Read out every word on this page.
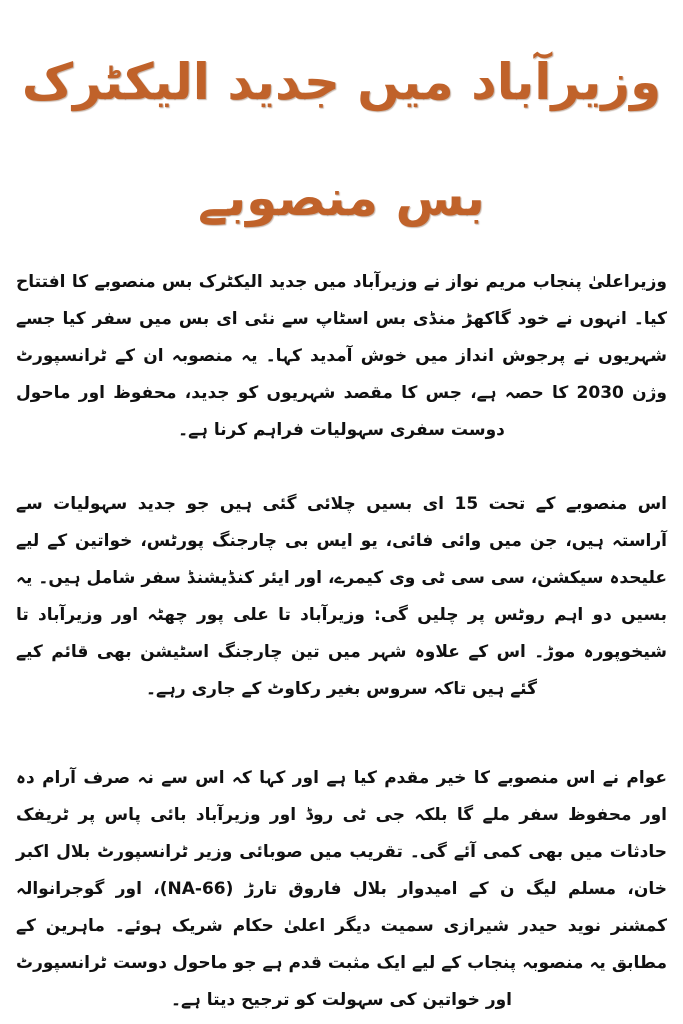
وزیرآباد میں جدید الیکٹرک
بس منصوبے

وزیراعلیٰ پنجاب مریم نواز نے وزیرآباد میں جدید الیکٹرک بس منصوبے کا افتتاح کیا۔ انہوں نے خود گاکھڑ منڈی بس اسٹاپ سے نئی ای بس میں سفر کیا جسے شہریوں نے پرجوش انداز میں خوش آمدید کہا۔ یہ منصوبہ ان کے ٹرانسپورٹ وژن 2030 کا حصہ ہے، جس کا مقصد شہریوں کو جدید، محفوظ اور ماحول دوست سفری سہولیات فراہم کرنا ہے۔

اس منصوبے کے تحت 15 ای بسیں چلائی گئی ہیں جو جدید سہولیات سے آراستہ ہیں، جن میں وائی فائی، یو ایس بی چارجنگ پورٹس، خواتین کے لیے علیحدہ سیکشن، سی سی ٹی وی کیمرے، اور ایئر کنڈیشنڈ سفر شامل ہیں۔ یہ بسیں دو اہم روٹس پر چلیں گی: وزیرآباد تا علی پور چھٹہ اور وزیرآباد تا شیخوپورہ موڑ۔ اس کے علاوہ شہر میں تین چارجنگ اسٹیشن بھی قائم کیے گئے ہیں تاکہ سروس بغیر رکاوٹ کے جاری رہے۔

عوام نے اس منصوبے کا خیر مقدم کیا ہے اور کہا کہ اس سے نہ صرف آرام دہ اور محفوظ سفر ملے گا بلکہ جی ٹی روڈ اور وزیرآباد بائی پاس پر ٹریفک حادثات میں بھی کمی آئے گی۔ تقریب میں صوبائی وزیر ٹرانسپورٹ بلال اکبر خان، مسلم لیگ ن کے امیدوار بلال فاروق تارڑ (NA-66)، اور گوجرانوالہ کمشنر نوید حیدر شیرازی سمیت دیگر اعلیٰ حکام شریک ہوئے۔ ماہرین کے مطابق یہ منصوبہ پنجاب کے لیے ایک مثبت قدم ہے جو ماحول دوست ٹرانسپورٹ اور خواتین کی سہولت کو ترجیح دیتا ہے۔
